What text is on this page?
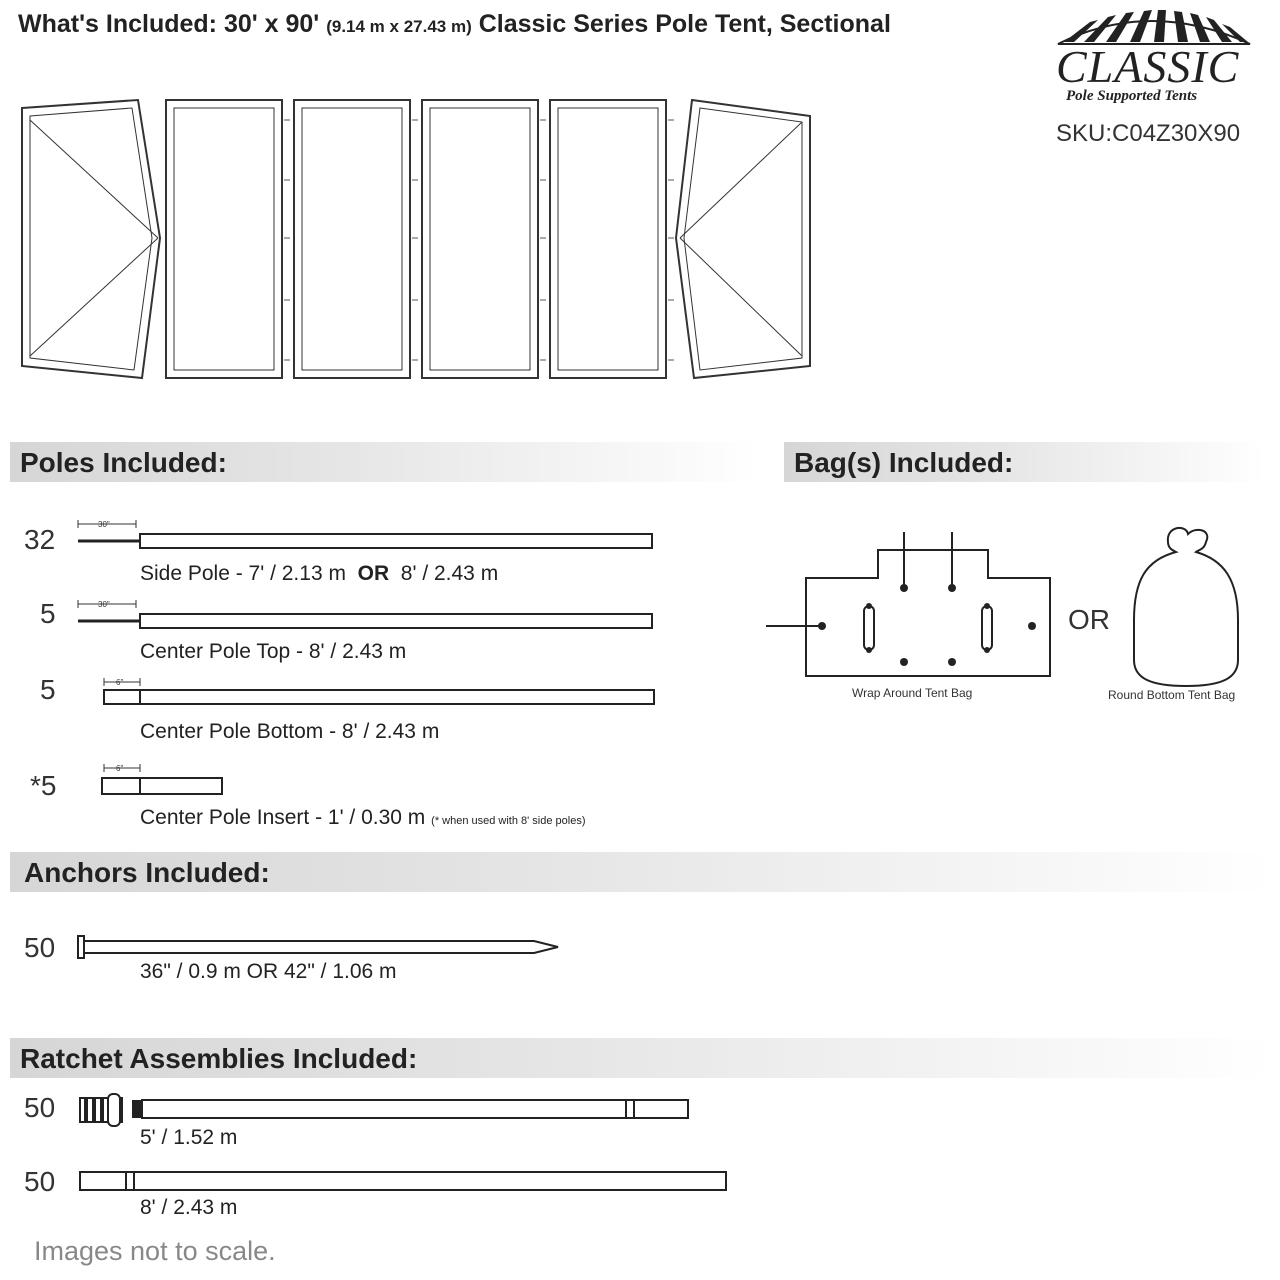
What's Included: 30' x 90' (9.14 m x 27.43 m) Classic Series Pole Tent, Sectional
CLASSIC
Pole Supported Tents
SKU:C04Z30X90
Poles Included:	Bag(s) Included:
Anchors Included:
Ratchet Assemblies Included:
32	30"
Side Pole - 7' / 2.13 m OR 8' / 2.43 m
5	30"
Center Pole Top - 8' / 2.43 m
5	6"
Center Pole Bottom - 8' / 2.43 m
*5
6"
Center Pole Insert - 1' / 0.30 m (* when used with 8' side poles)
Wrap Around Tent Bag
OR
Round Bottom Tent Bag
50
36" / 0.9 m OR 42" / 1.06 m
50
5' / 1.52 m
50
8' / 2.43 m
Images not to scale.
